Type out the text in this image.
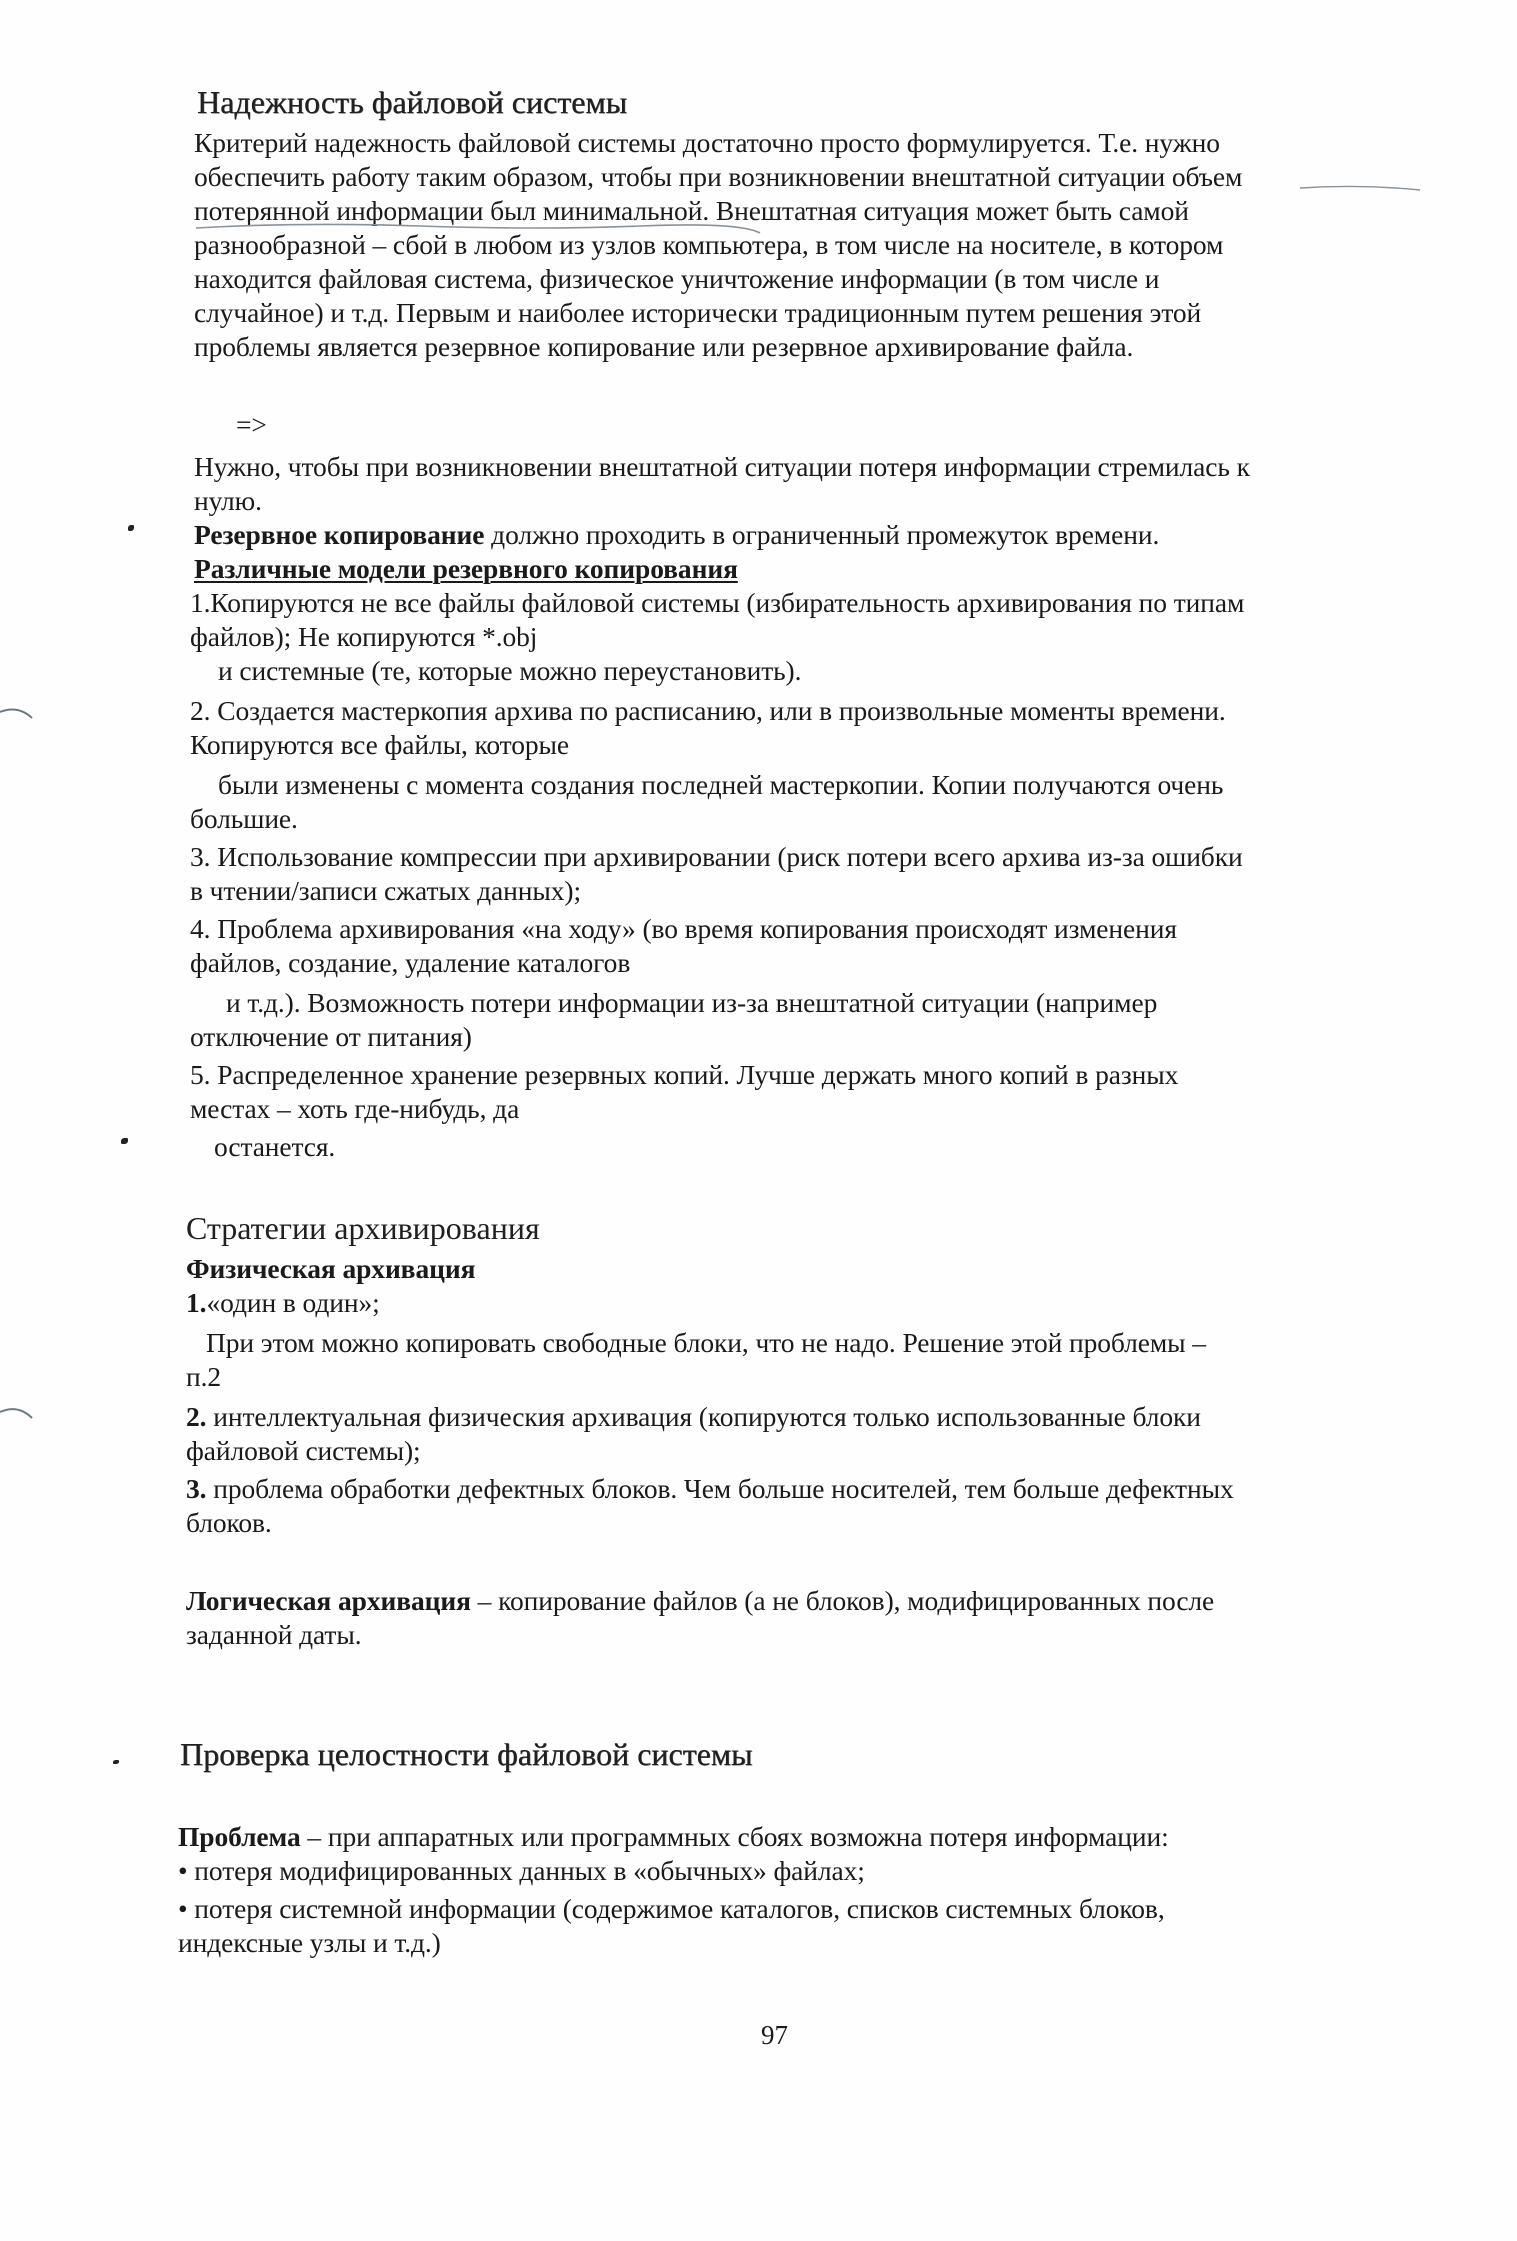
Надежность файловой системы
Критерий надежность файловой системы достаточно просто формулируется. Т.е. нужно
обеспечить работу таким образом, чтобы при возникновении внештатной ситуации объем
потерянной информации был минимальной. Внештатная ситуация может быть самой
разнообразной – сбой в любом из узлов компьютера, в том числе на носителе, в котором
находится файловая система, физическое уничтожение информации (в том числе и
случайное) и т.д. Первым и наиболее исторически традиционным путем решения этой
проблемы является резервное копирование или резервное архивирование файла.
=>
Нужно, чтобы при возникновении внештатной ситуации потеря информации стремилась к
нулю.
Резервное копирование должно проходить в ограниченный промежуток времени.
Различные модели резервного копирования
1.Копируются не все файлы файловой системы (избирательность архивирования по типам
файлов); Не копируются *.obj
и системные (те, которые можно переустановить).
2. Создается мастеркопия архива по расписанию, или в произвольные моменты времени.
Копируются все файлы, которые
были изменены с момента создания последней мастеркопии. Копии получаются очень
большие.
3. Использование компрессии при архивировании (риск потери всего архива из-за ошибки
в чтении/записи сжатых данных);
4. Проблема архивирования «на ходу» (во время копирования происходят изменения
файлов, создание, удаление каталогов
и т.д.). Возможность потери информации из-за внештатной ситуации (например
отключение от питания)
5. Распределенное хранение резервных копий. Лучше держать много копий в разных
местах – хоть где-нибудь, да
останется.
Стратегии архивирования
Физическая архивация
1.«один в один»;
При этом можно копировать свободные блоки, что не надо. Решение этой проблемы –
п.2
2. интеллектуальная физическия архивация (копируются только использованные блоки
файловой системы);
3. проблема обработки дефектных блоков. Чем больше носителей, тем больше дефектных
блоков.
Логическая архивация – копирование файлов (а не блоков), модифицированных после
заданной даты.
Проверка целостности файловой системы
Проблема – при аппаратных или программных сбоях возможна потеря информации:
• потеря модифицированных данных в «обычных» файлах;
• потеря системной информации (содержимое каталогов, списков системных блоков,
индексные узлы и т.д.)
97
